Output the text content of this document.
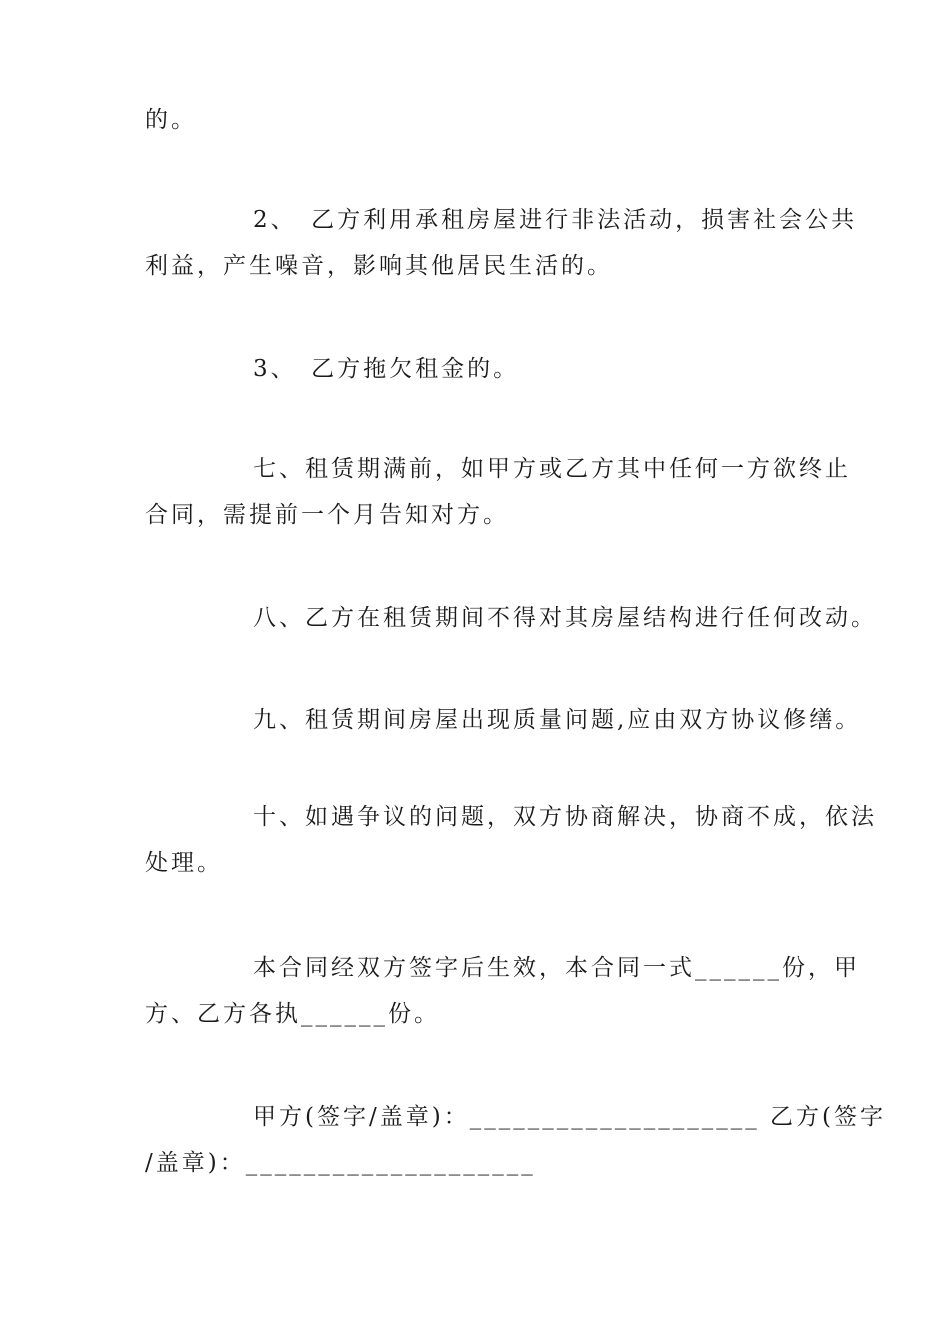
的。

2、　乙方利用承租房屋进行非法活动，损害社会公共
利益，产生噪音，影响其他居民生活的。

3、　乙方拖欠租金的。

七、租赁期满前，如甲方或乙方其中任何一方欲终止
合同，需提前一个月告知对方。

八、乙方在租赁期间不得对其房屋结构进行任何改动。

九、租赁期间房屋出现质量问题,应由双方协议修缮。

十、如遇争议的问题，双方协商解决，协商不成，依法
处理。

本合同经双方签字后生效，本合同一式______份，甲
方、乙方各执______份。

甲方(签字/盖章)：____________________ 乙方(签字
/盖章)：____________________
